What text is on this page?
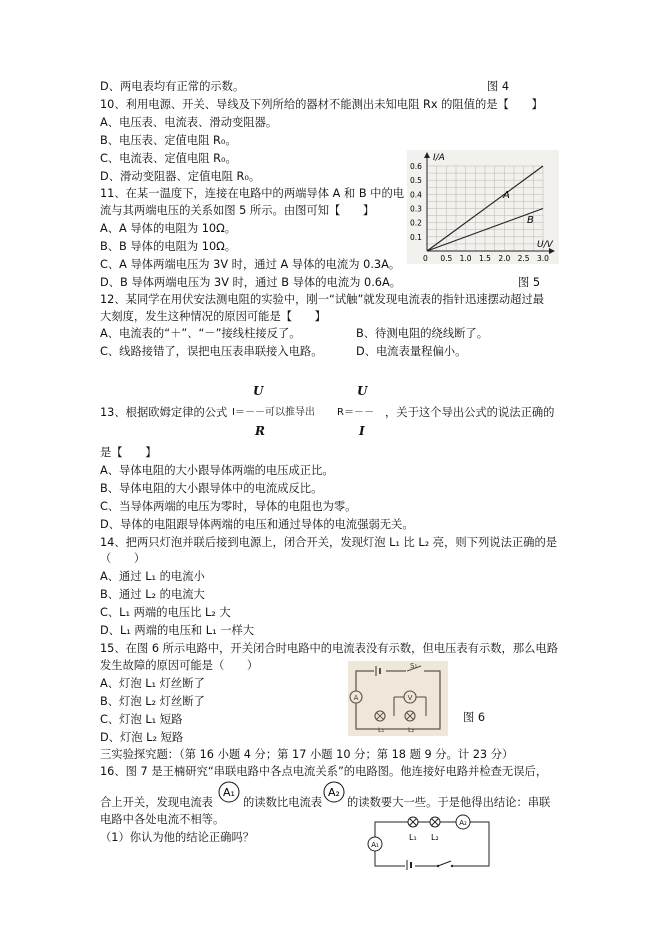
D、两电表均有正常的示数。	图 4
10、利用电源、开关、导线及下列所给的器材不能测出未知电阻 Rx 的阻值的是【　　】
A、电压表、电流表、滑动变阻器。
B、电压表、定值电阻 R₀。
C、电流表、定值电阻 R₀。
D、滑动变阻器、定值电阻 R₀。
11、在某一温度下，连接在电路中的两端导体 A 和 B 中的电
流与其两端电压的关系如图 5 所示。由图可知【　　】
A、A 导体的电阻为 10Ω。
B、B 导体的电阻为 10Ω。
C、A 导体两端电压为 3V 时，通过 A 导体的电流为 0.3A。
D、B 导体两端电压为 3V 时，通过 B 导体的电流为 0.6A。	图 5
12、某同学在用伏安法测电阻的实验中，刚一“试触”就发现电流表的指针迅速摆动超过最
大刻度，发生这种情况的原因可能是【　　】
A、电流表的“＋”、“－”接线柱接反了。	B、待测电阻的绕线断了。
C、线路接错了，误把电压表串联接入电路。	D、电流表量程偏小。
U	U
13、根据欧姆定律的公式 I＝－－可以推导出 R＝－－ ，关于这个导出公式的说法正确的
R	I
是【　　】
A、导体电阻的大小跟导体两端的电压成正比。
B、导体电阻的大小跟导体中的电流成反比。
C、当导体两端的电压为零时，导体的电阻也为零。
D、导体的电阻跟导体两端的电压和通过导体的电流强弱无关。
14、把两只灯泡并联后接到电源上，闭合开关，发现灯泡 L₁ 比 L₂ 亮，则下列说法正确的是
（　　）
A、通过 L₁ 的电流小
B、通过 L₂ 的电流大
C、L₁ 两端的电压比 L₂ 大
D、L₁ 两端的电压和 L₁ 一样大
15、在图 6 所示电路中，开关闭合时电路中的电流表没有示数，但电压表有示数，那么电路
发生故障的原因可能是（　　）
A、灯泡 L₁ 灯丝断了
B、灯泡 L₂ 灯丝断了
C、灯泡 L₁ 短路	图 6
D、灯泡 L₂ 短路
三实验探究题：（第 16 小题 4 分；第 17 小题 10 分；第 18 题 9 分。计 23 分）
16、图 7 是王楠研究“串联电路中各点电流关系”的电路图。他连接好电路并检查无误后，
合上开关，发现电流表
A₁
的读数比电流表
A₂
的读数要大一些。于是他得出结论：串联
电路中各处电流不相等。
（1）你认为他的结论正确吗？
I/A
U/V
0.6
0.5
0.4
0.3
0.2
0.1
0 0.5 1.0 1.5 2.0 2.5 3.0
A
B
S₁
A	V
L₁	L₂
A₁
L₁ L₂
A₂
